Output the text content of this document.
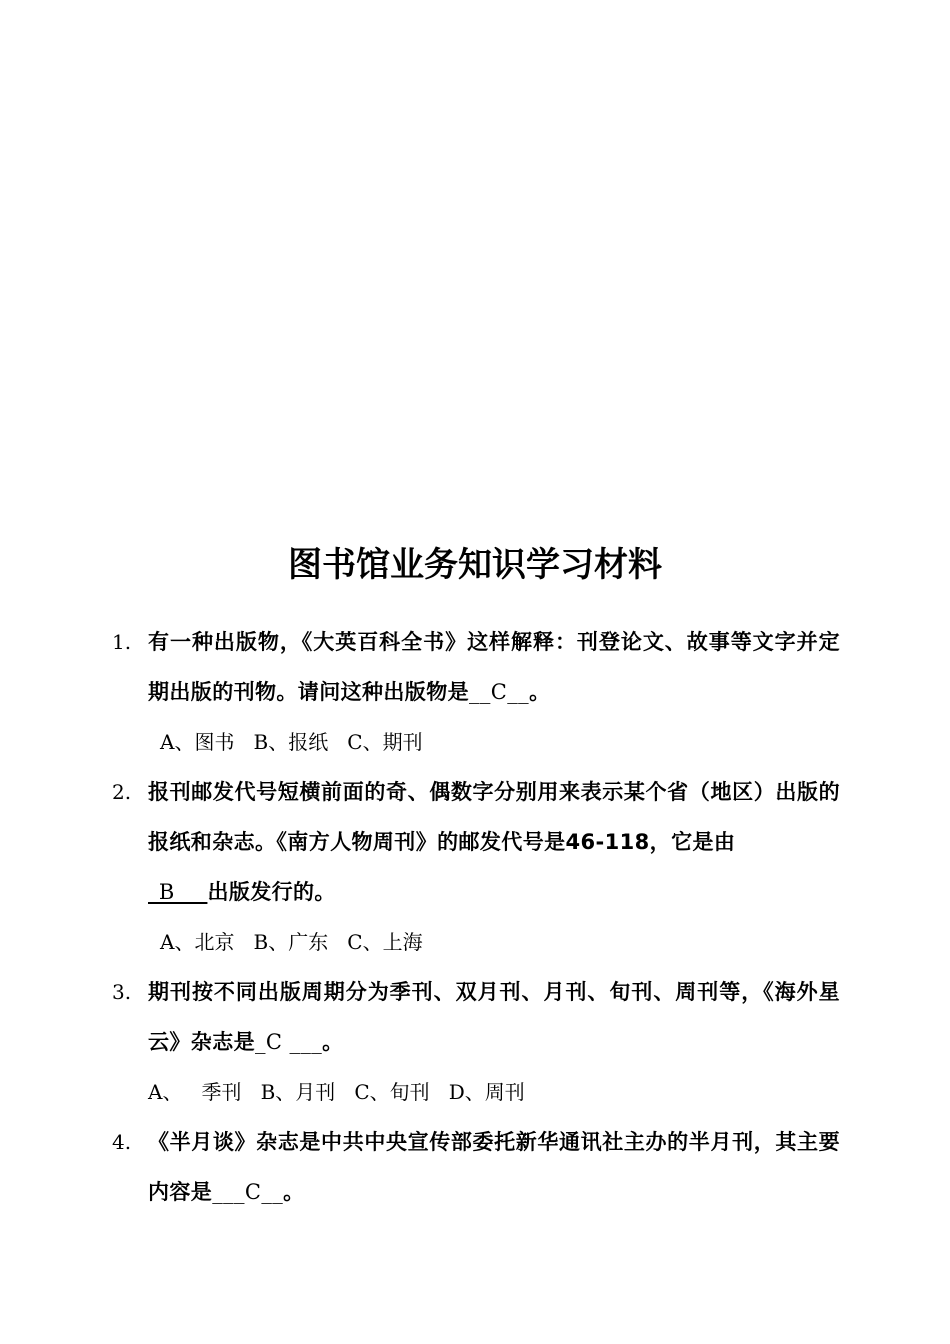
图书馆业务知识学习材料
1. 有一种出版物，《大英百科全书》这样解释：刊登论文、故事等文字并定期出版的刊物。请问这种出版物是__C__。
A、图书   B、报纸   C、期刊
2. 报刊邮发代号短横前面的奇、偶数字分别用来表示某个省（地区）出版的报纸和杂志。《南方人物周刊》的邮发代号是46-118，它是由
_B___出版发行的。
A、北京   B、广东   C、上海
3. 期刊按不同出版周期分为季刊、双月刊、月刊、旬刊、周刊等，《海外星云》杂志是_C ___。
A、   季刊   B、月刊   C、旬刊   D、周刊
4. 《半月谈》杂志是中共中央宣传部委托新华通讯社主办的半月刊，其主要内容是___C__。
